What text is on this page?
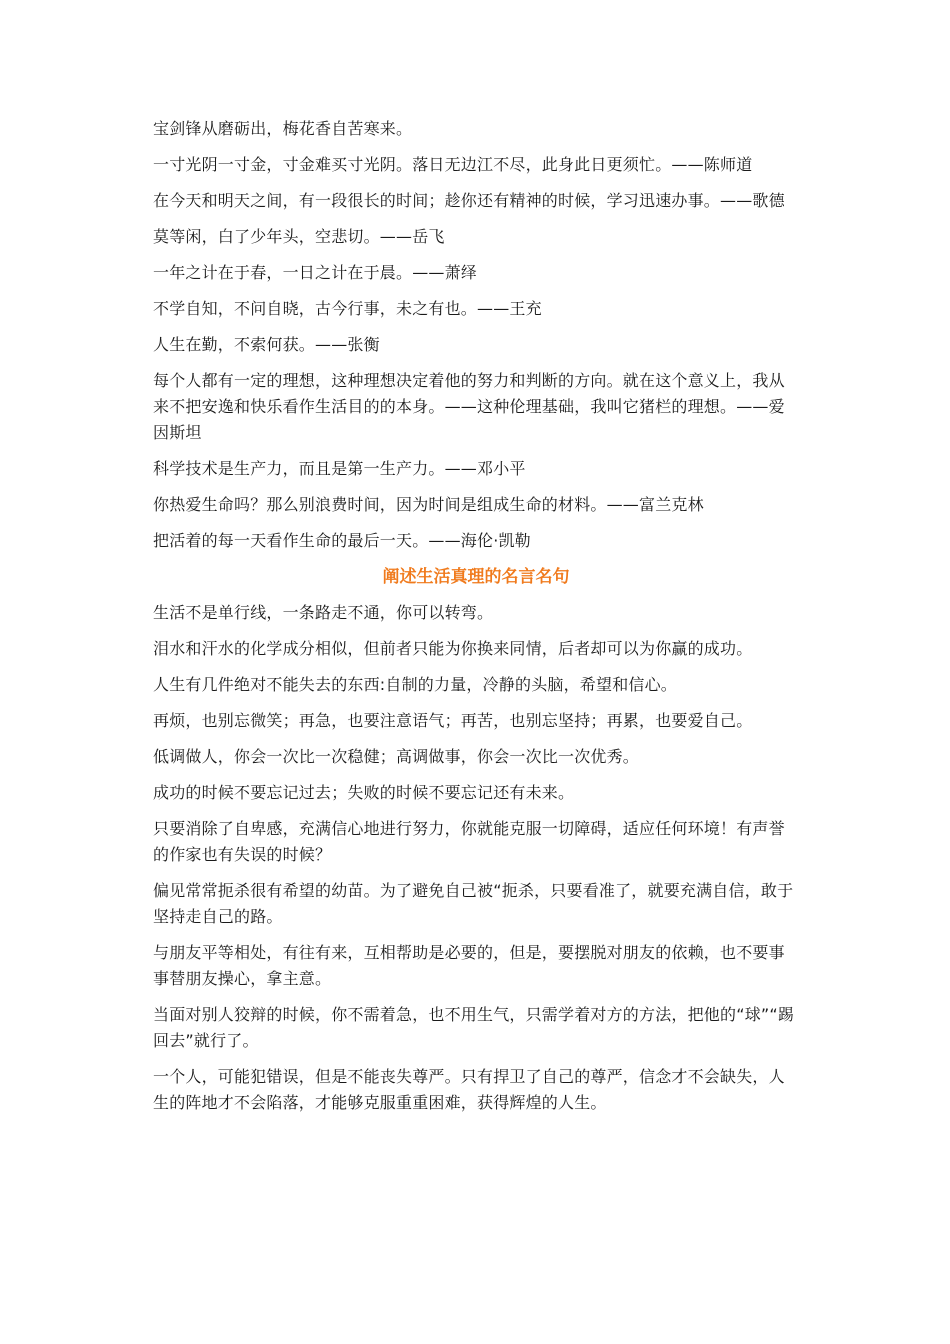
宝剑锋从磨砺出，梅花香自苦寒来。

一寸光阴一寸金，寸金难买寸光阴。落日无边江不尽，此身此日更须忙。——陈师道

在今天和明天之间，有一段很长的时间；趁你还有精神的时候，学习迅速办事。——歌德

莫等闲，白了少年头，空悲切。——岳飞

一年之计在于春，一日之计在于晨。——萧绎

不学自知，不问自晓，古今行事，未之有也。——王充

人生在勤，不索何获。——张衡

每个人都有一定的理想，这种理想决定着他的努力和判断的方向。就在这个意义上，我从来不把安逸和快乐看作生活目的的本身。——这种伦理基础，我叫它猪栏的理想。——爱因斯坦

科学技术是生产力，而且是第一生产力。——邓小平

你热爱生命吗？那么别浪费时间，因为时间是组成生命的材料。——富兰克林

把活着的每一天看作生命的最后一天。——海伦·凯勒

阐述生活真理的名言名句

生活不是单行线，一条路走不通，你可以转弯。

泪水和汗水的化学成分相似，但前者只能为你换来同情，后者却可以为你赢的成功。

人生有几件绝对不能失去的东西:自制的力量，冷静的头脑，希望和信心。

再烦，也别忘微笑；再急，也要注意语气；再苦，也别忘坚持；再累，也要爱自己。

低调做人，你会一次比一次稳健；高调做事，你会一次比一次优秀。

成功的时候不要忘记过去；失败的时候不要忘记还有未来。

只要消除了自卑感，充满信心地进行努力，你就能克服一切障碍，适应任何环境！有声誉的作家也有失误的时候？

偏见常常扼杀很有希望的幼苗。为了避免自己被“扼杀，只要看准了，就要充满自信，敢于坚持走自己的路。

与朋友平等相处，有往有来，互相帮助是必要的，但是，要摆脱对朋友的依赖，也不要事事替朋友操心，拿主意。

当面对别人狡辩的时候，你不需着急，也不用生气，只需学着对方的方法，把他的“球”“踢回去”就行了。

一个人，可能犯错误，但是不能丧失尊严。只有捍卫了自己的尊严，信念才不会缺失，人生的阵地才不会陷落，才能够克服重重困难，获得辉煌的人生。
